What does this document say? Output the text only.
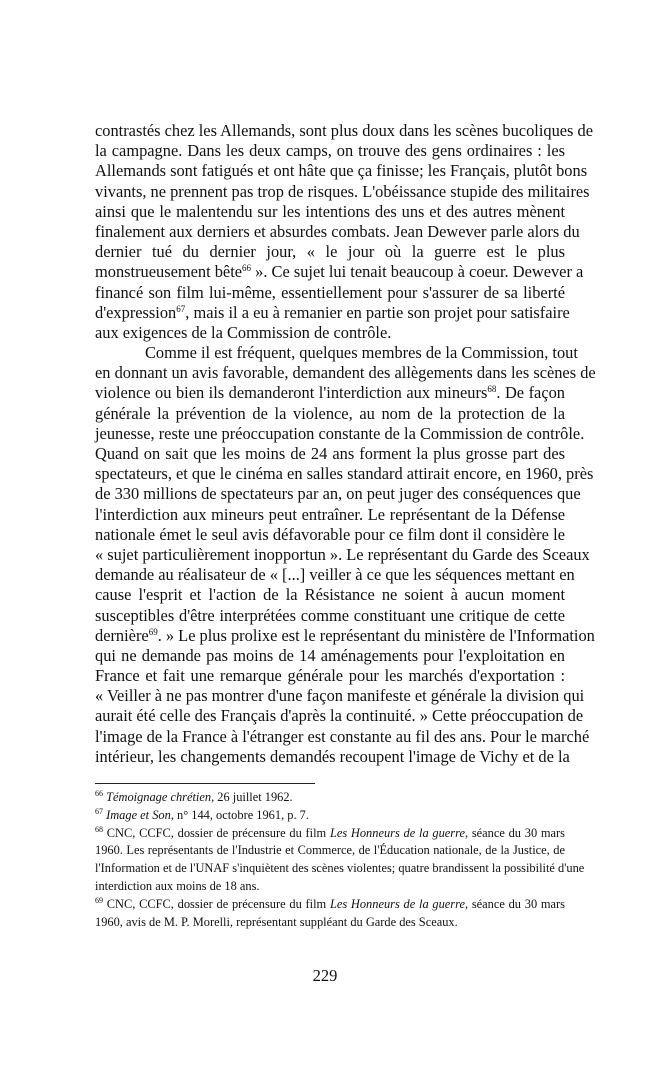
contrastés chez les Allemands, sont plus doux dans les scènes bucoliques de
la campagne. Dans les deux camps, on trouve des gens ordinaires : les
Allemands sont fatigués et ont hâte que ça finisse; les Français, plutôt bons
vivants, ne prennent pas trop de risques. L'obéissance stupide des militaires
ainsi que le malentendu sur les intentions des uns et des autres mènent
finalement aux derniers et absurdes combats. Jean Dewever parle alors du
dernier tué du dernier jour, « le jour où la guerre est le plus
monstrueusement bête$^{66}$ ». Ce sujet lui tenait beaucoup à coeur. Dewever a
financé son film lui-même, essentiellement pour s'assurer de sa liberté
d'expression$^{67}$, mais il a eu à remanier en partie son projet pour satisfaire
aux exigences de la Commission de contrôle.
Comme il est fréquent, quelques membres de la Commission, tout
en donnant un avis favorable, demandent des allègements dans les scènes de
violence ou bien ils demanderont l'interdiction aux mineurs$^{68}$. De façon
générale la prévention de la violence, au nom de la protection de la
jeunesse, reste une préoccupation constante de la Commission de contrôle.
Quand on sait que les moins de 24 ans forment la plus grosse part des
spectateurs, et que le cinéma en salles standard attirait encore, en 1960, près
de 330 millions de spectateurs par an, on peut juger des conséquences que
l'interdiction aux mineurs peut entraîner. Le représentant de la Défense
nationale émet le seul avis défavorable pour ce film dont il considère le
« sujet particulièrement inopportun ». Le représentant du Garde des Sceaux
demande au réalisateur de « [...] veiller à ce que les séquences mettant en
cause l'esprit et l'action de la Résistance ne soient à aucun moment
susceptibles d'être interprétées comme constituant une critique de cette
dernière$^{69}$. » Le plus prolixe est le représentant du ministère de l'Information
qui ne demande pas moins de 14 aménagements pour l'exploitation en
France et fait une remarque générale pour les marchés d'exportation :
« Veiller à ne pas montrer d'une façon manifeste et générale la division qui
aurait été celle des Français d'après la continuité. » Cette préoccupation de
l'image de la France à l'étranger est constante au fil des ans. Pour le marché
intérieur, les changements demandés recoupent l'image de Vichy et de la
$^{66}$ Témoignage chrétien, 26 juillet 1962.
$^{67}$ Image et Son, n° 144, octobre 1961, p. 7.
$^{68}$ CNC, CCFC, dossier de précensure du film Les Honneurs de la guerre, séance du 30 mars
1960. Les représentants de l'Industrie et Commerce, de l'Éducation nationale, de la Justice, de
l'Information et de l'UNAF s'inquiètent des scènes violentes; quatre brandissent la possibilité d'une
interdiction aux moins de 18 ans.
$^{69}$ CNC, CCFC, dossier de précensure du film Les Honneurs de la guerre, séance du 30 mars
1960, avis de M. P. Morelli, représentant suppléant du Garde des Sceaux.
229
